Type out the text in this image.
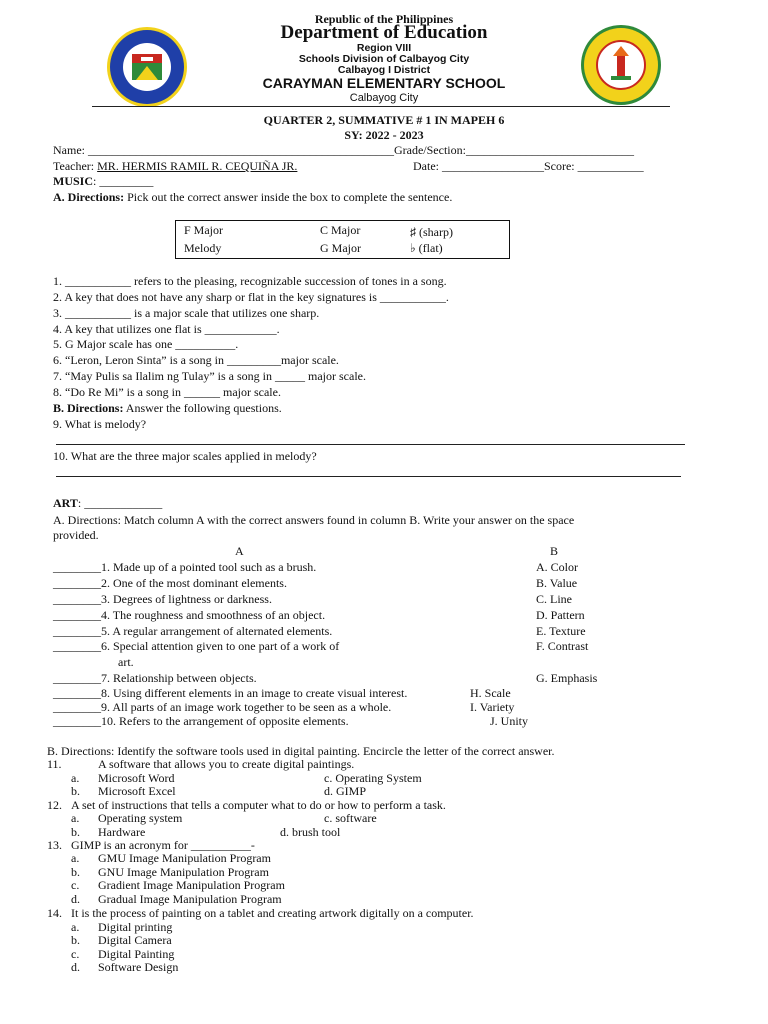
Republic of the Philippines
Department of Education
Region VIII
Schools Division of Calbayog City
Calbayog I District
CARAYMAN ELEMENTARY SCHOOL
Calbayog City
QUARTER 2, SUMMATIVE # 1 IN MAPEH 6
SY: 2022 - 2023
Name: ___________________________________________________Grade/Section:____________________________
Teacher: MR. HERMIS RAMIL R. CEQUIÑA JR.	Date: _________________Score: ___________
MUSIC: _________
A. Directions: Pick out the correct answer inside the box to complete the sentence.
F Major	C Major	♯ (sharp)
Melody	G Major	♭ (flat)
1. ___________ refers to the pleasing, recognizable succession of tones in a song.
2. A key that does not have any sharp or flat in the key signatures is ___________.
3. ___________ is a major scale that utilizes one sharp.
4. A key that utilizes one flat is ____________.
5. G Major scale has one __________.
6. “Leron, Leron Sinta” is a song in _________major scale.
7. “May Pulis sa Ilalim ng Tulay” is a song in _____ major scale.
8. “Do Re Mi” is a song in ______ major scale.
B. Directions: Answer the following questions.
9. What is melody?
10. What are the three major scales applied in melody?
ART: _____________
A. Directions: Match column A with the correct answers found in column B. Write your answer on the space
provided.
A	B
________1. Made up of a pointed tool such as a brush.	A. Color
________2. One of the most dominant elements.	B. Value
________3. Degrees of lightness or darkness.	C. Line
________4. The roughness and smoothness of an object.	D. Pattern
________5. A regular arrangement of alternated elements.	E. Texture
________6. Special attention given to one part of a work of	F. Contrast
art.
________7. Relationship between objects.	G. Emphasis
________8. Using different elements in an image to create visual interest.	H. Scale
________9. All parts of an image work together to be seen as a whole.	I. Variety
________10. Refers to the arrangement of opposite elements.	J. Unity
B. Directions: Identify the software tools used in digital painting. Encircle the letter of the correct answer.
11.	A software that allows you to create digital paintings.
a. Microsoft Word	c. Operating System
b. Microsoft Excel	d. GIMP
12. A set of instructions that tells a computer what to do or how to perform a task.
a. Operating system	c. software
b. Hardware	d. brush tool
13. GIMP is an acronym for __________-
a. GMU Image Manipulation Program
b. GNU Image Manipulation Program
c. Gradient Image Manipulation Program
d. Gradual Image Manipulation Program
14. It is the process of painting on a tablet and creating artwork digitally on a computer.
a. Digital printing
b. Digital Camera
c. Digital Painting
d. Software Design
